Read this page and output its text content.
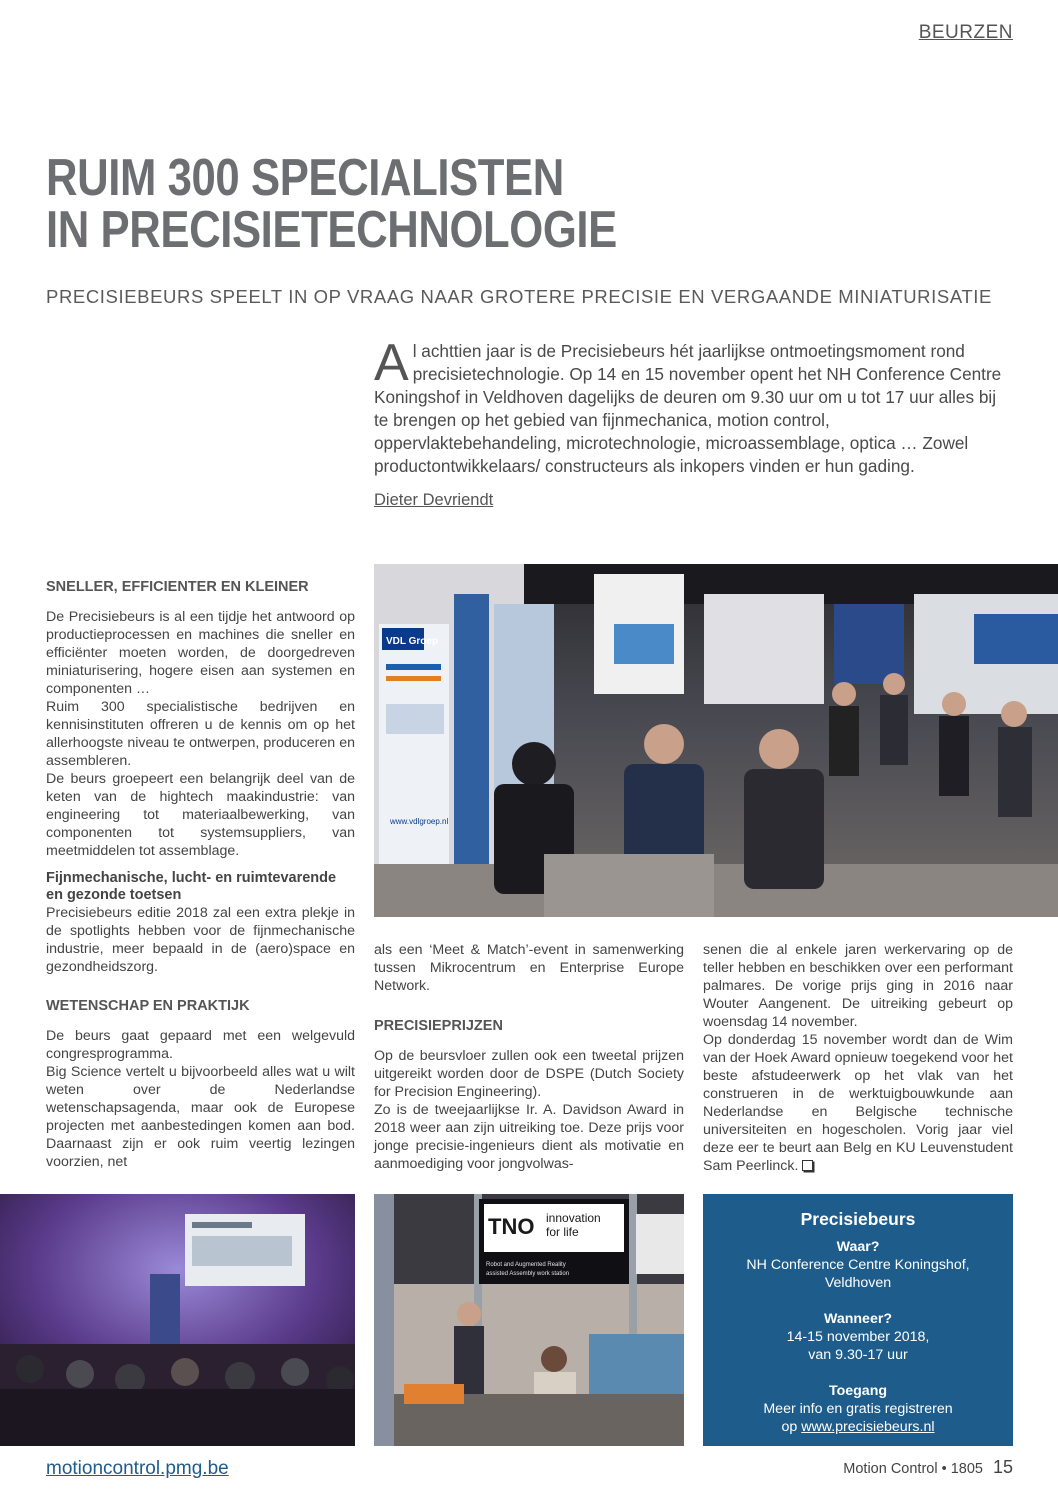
BEURZEN
RUIM 300 SPECIALISTEN
IN PRECISIETECHNOLOGIE
PRECISIEBEURS SPEELT IN OP VRAAG NAAR GROTERE PRECISIE EN VERGAANDE MINIATURISATIE
Al achttien jaar is de Precisiebeurs hét jaarlijkse ontmoetingsmoment rond precisietechnologie. Op 14 en 15 november opent het NH Conference Centre Koningshof in Veldhoven dagelijks de deuren om 9.30 uur om u tot 17 uur alles bij te brengen op het gebied van fijnmechanica, motion control, oppervlaktebehandeling, microtechnologie, microassemblage, optica … Zowel productontwikkelaars/ constructeurs als inkopers vinden er hun gading.
Dieter Devriendt
SNELLER, EFFICIENTER EN KLEINER

De Precisiebeurs is al een tijdje het antwoord op productieprocessen en machines die sneller en efficiënter moeten worden, de doorgedreven miniaturisering, hogere eisen aan systemen en componenten …

Ruim 300 specialistische bedrijven en kennisinstituten offreren u de kennis om op het allerhoogste niveau te ontwerpen, produceren en assembleren.

De beurs groepeert een belangrijk deel van de keten van de hightech maakindustrie: van engineering tot materiaalbewerking, van componenten tot systemsuppliers, van meetmiddelen tot assemblage.

Fijnmechanische, lucht- en ruimtevarende en gezonde toetsen

Precisiebeurs editie 2018 zal een extra plekje in de spotlights hebben voor de fijnmechanische industrie, meer bepaald in de (aero)space en gezondheidszorg.

WETENSCHAP EN PRAKTIJK

De beurs gaat gepaard met een welgevuld congresprogramma.

Big Science vertelt u bijvoorbeeld alles wat u wilt weten over de Nederlandse wetenschapsagenda, maar ook de Europese projecten met aanbestedingen komen aan bod. Daarnaast zijn er ook ruim veertig lezingen voorzien, net

als een ‘Meet & Match’-event in samenwerking tussen Mikrocentrum en Enterprise Europe Network.

PRECISIEPRIJZEN

Op de beursvloer zullen ook een tweetal prijzen uitgereikt worden door de DSPE (Dutch Society for Precision Engineering).

Zo is de tweejaarlijkse Ir. A. Davidson Award in 2018 weer aan zijn uitreiking toe. Deze prijs voor jonge precisie-ingenieurs dient als motivatie en aanmoediging voor jongvolwas-

senen die al enkele jaren werkervaring op de teller hebben en beschikken over een performant palmares. De vorige prijs ging in 2016 naar Wouter Aangenent. De uitreiking gebeurt op woensdag 14 november.

Op donderdag 15 november wordt dan de Wim van der Hoek Award opnieuw toegekend voor het beste afstudeerwerk op het vlak van het construeren in de werktuigbouwkunde aan Nederlandse en Belgische technische universiteiten en hogescholen. Vorig jaar viel deze eer te beurt aan Belg en KU Leuvenstudent Sam Peerlinck.

VDL Groep
www.vdlgroep.nl
TNO innovation
for life
Robot and Augmented Reality
assisted Assembly work station
Precisiebeurs
Waar?
NH Conference Centre Koningshof,
Veldhoven
Wanneer?
14-15 november 2018,
van 9.30-17 uur
Toegang
Meer info en gratis registreren
op www.precisiebeurs.nl
motioncontrol.pmg.be	Motion Control • 1805 15
